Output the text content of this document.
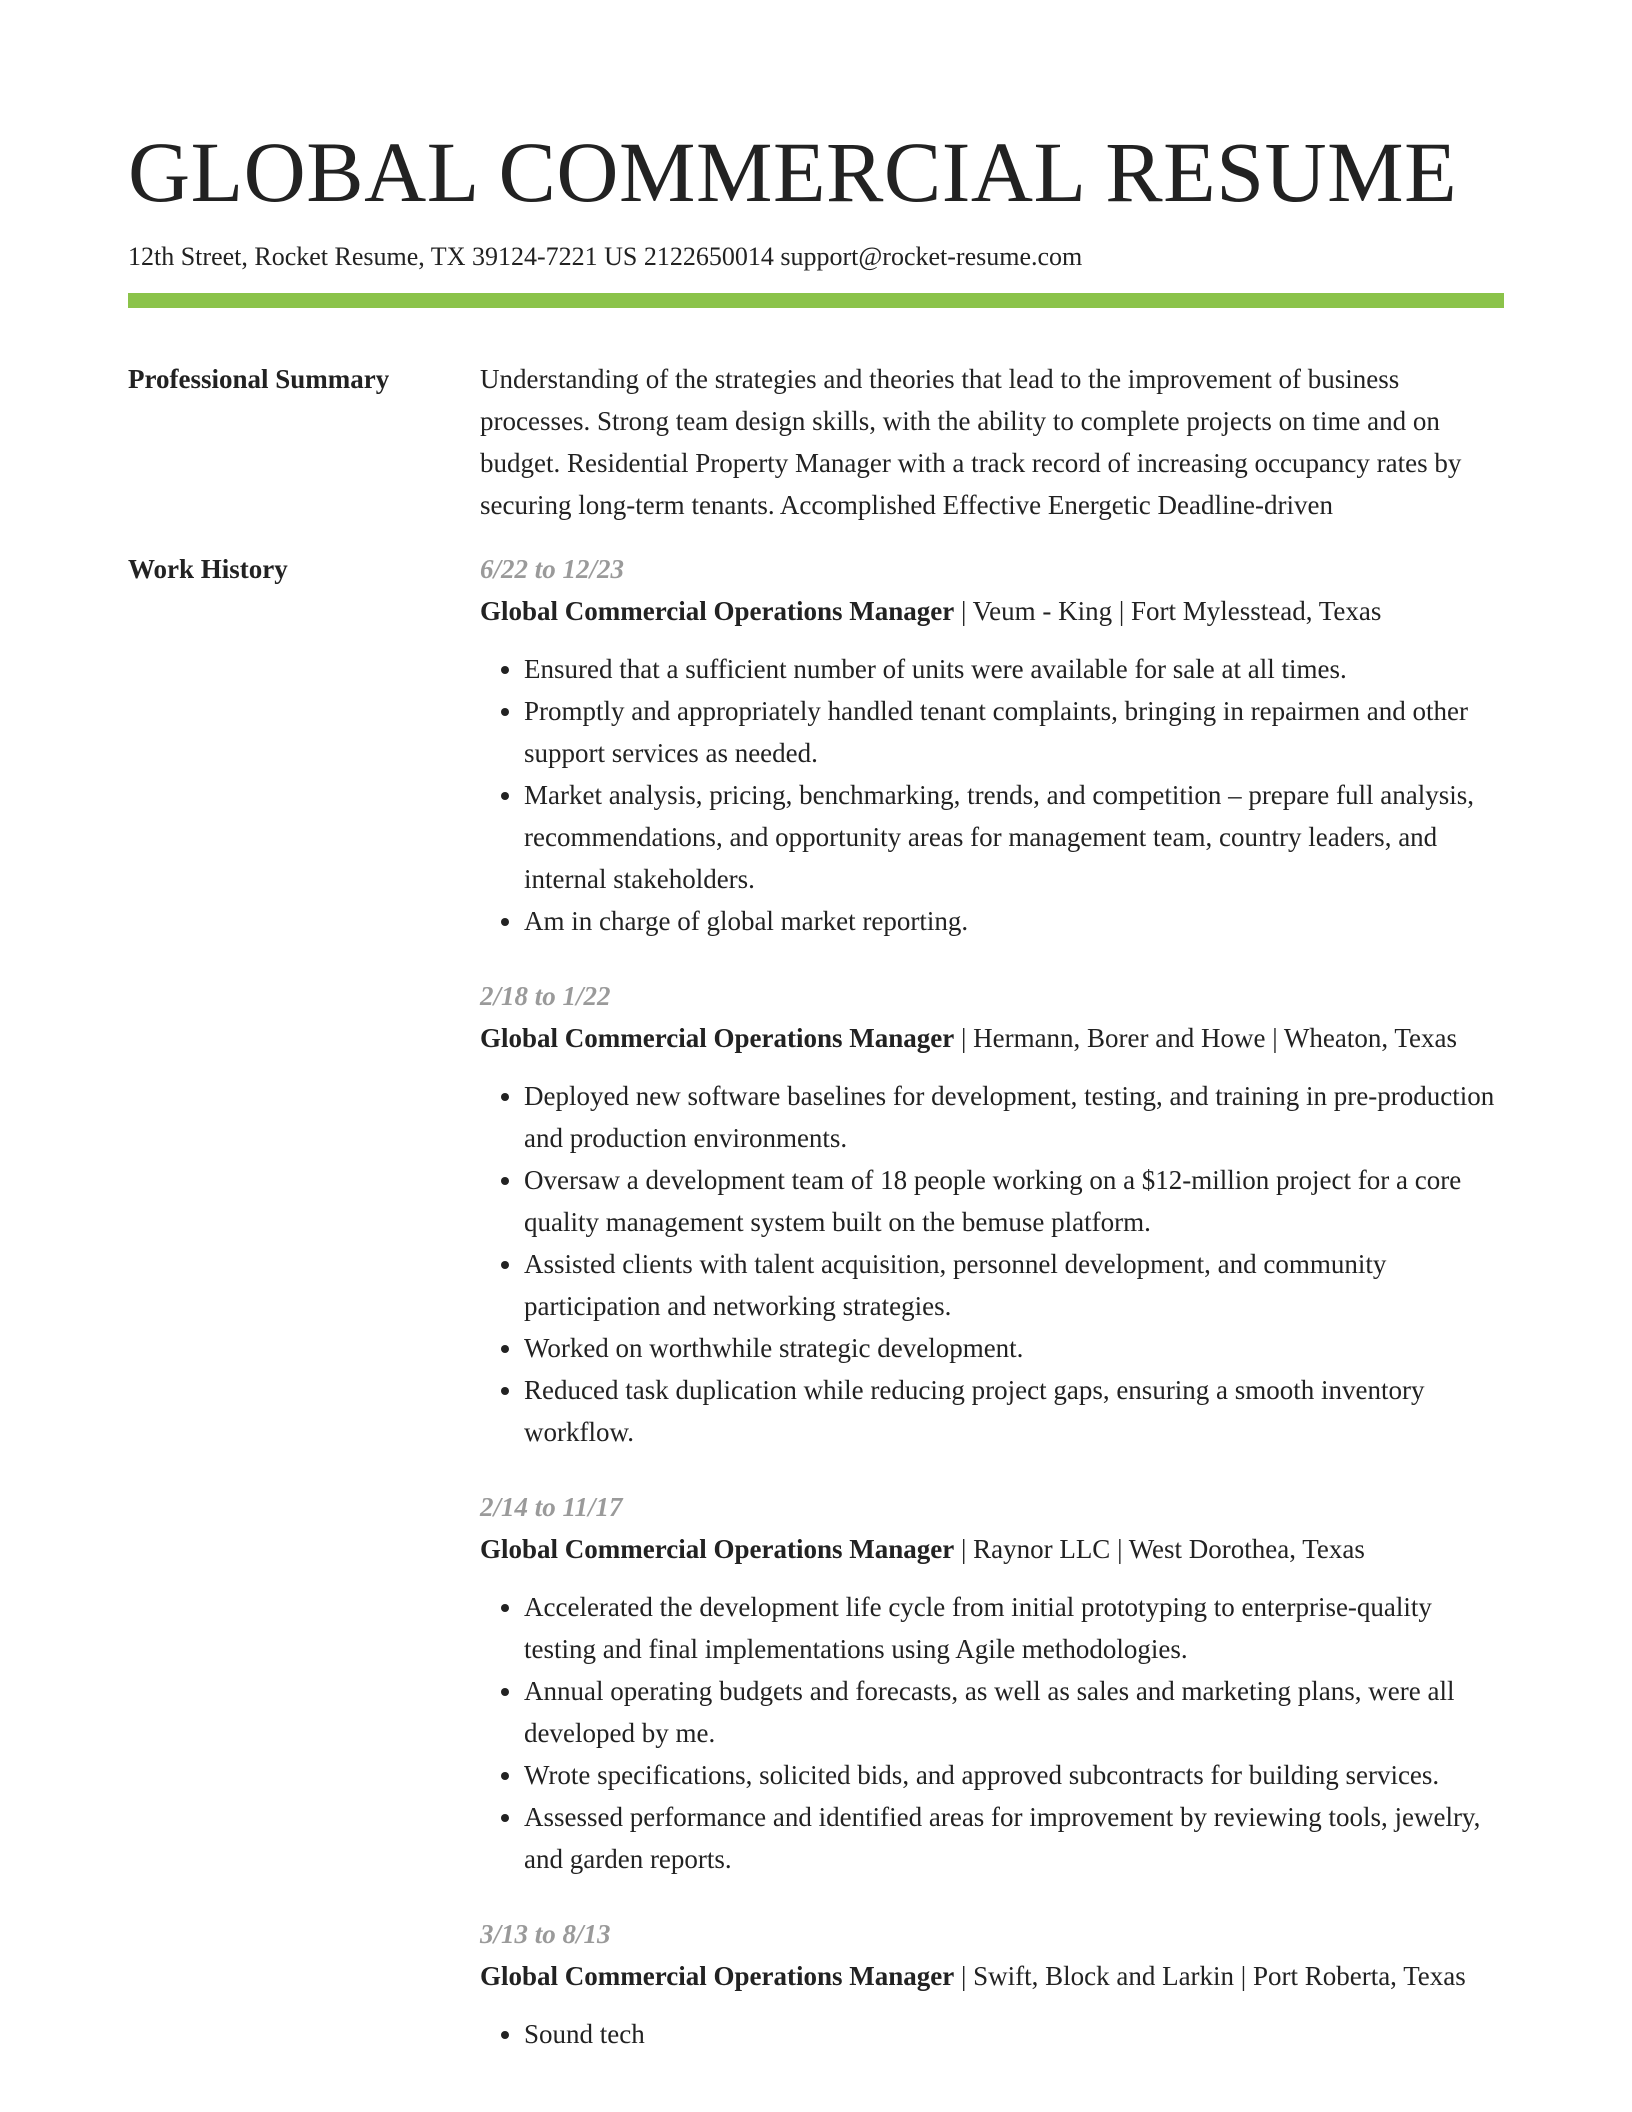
GLOBAL COMMERCIAL RESUME
12th Street, Rocket Resume, TX 39124-7221 US 2122650014 support@rocket-resume.com
Professional Summary	Understanding of the strategies and theories that lead to the improvement of business processes. Strong team design skills, with the ability to complete projects on time and on budget. Residential Property Manager with a track record of increasing occupancy rates by securing long-term tenants. Accomplished Effective Energetic Deadline-driven
Work History	6/22 to 12/23
Global Commercial Operations Manager | Veum - King | Fort Mylesstead, Texas
• Ensured that a sufficient number of units were available for sale at all times.
• Promptly and appropriately handled tenant complaints, bringing in repairmen and other support services as needed.
• Market analysis, pricing, benchmarking, trends, and competition – prepare full analysis, recommendations, and opportunity areas for management team, country leaders, and internal stakeholders.
• Am in charge of global market reporting.
2/18 to 1/22
Global Commercial Operations Manager | Hermann, Borer and Howe | Wheaton, Texas
• Deployed new software baselines for development, testing, and training in pre-production and production environments.
• Oversaw a development team of 18 people working on a $12-million project for a core quality management system built on the bemuse platform.
• Assisted clients with talent acquisition, personnel development, and community participation and networking strategies.
• Worked on worthwhile strategic development.
• Reduced task duplication while reducing project gaps, ensuring a smooth inventory workflow.
2/14 to 11/17
Global Commercial Operations Manager | Raynor LLC | West Dorothea, Texas
• Accelerated the development life cycle from initial prototyping to enterprise-quality testing and final implementations using Agile methodologies.
• Annual operating budgets and forecasts, as well as sales and marketing plans, were all developed by me.
• Wrote specifications, solicited bids, and approved subcontracts for building services.
• Assessed performance and identified areas for improvement by reviewing tools, jewelry, and garden reports.
3/13 to 8/13
Global Commercial Operations Manager | Swift, Block and Larkin | Port Roberta, Texas
• Sound tech
